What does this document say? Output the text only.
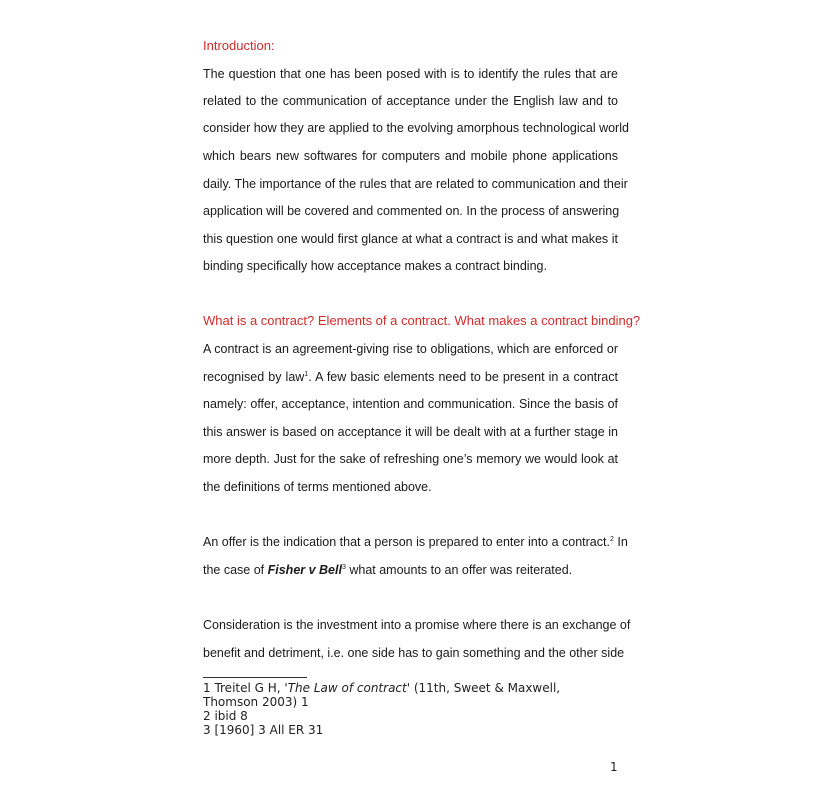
Introduction:
The question that one has been posed with is to identify the rules that are
related to the communication of acceptance under the English law and to
consider how they are applied to the evolving amorphous technological world
which bears new softwares for computers and mobile phone applications
daily. The importance of the rules that are related to communication and their
application will be covered and commented on. In the process of answering
this question one would first glance at what a contract is and what makes it
binding specifically how acceptance makes a contract binding.
What is a contract? Elements of a contract. What makes a contract binding?
A contract is an agreement-giving rise to obligations, which are enforced or
recognised by law$^1$. A few basic elements need to be present in a contract
namely: offer, acceptance, intention and communication. Since the basis of
this answer is based on acceptance it will be dealt with at a further stage in
more depth. Just for the sake of refreshing one’s memory we would look at
the definitions of terms mentioned above.
An offer is the indication that a person is prepared to enter into a contract.$^2$ In
the case of Fisher v Bell$^3$ what amounts to an offer was reiterated.
Consideration is the investment into a promise where there is an exchange of
benefit and detriment, i.e. one side has to gain something and the other side
1 Treitel G H, 'The Law of contract' (11th, Sweet & Maxwell,
Thomson 2003) 1
2 ibid 8
3 [1960] 3 All ER 31
1
